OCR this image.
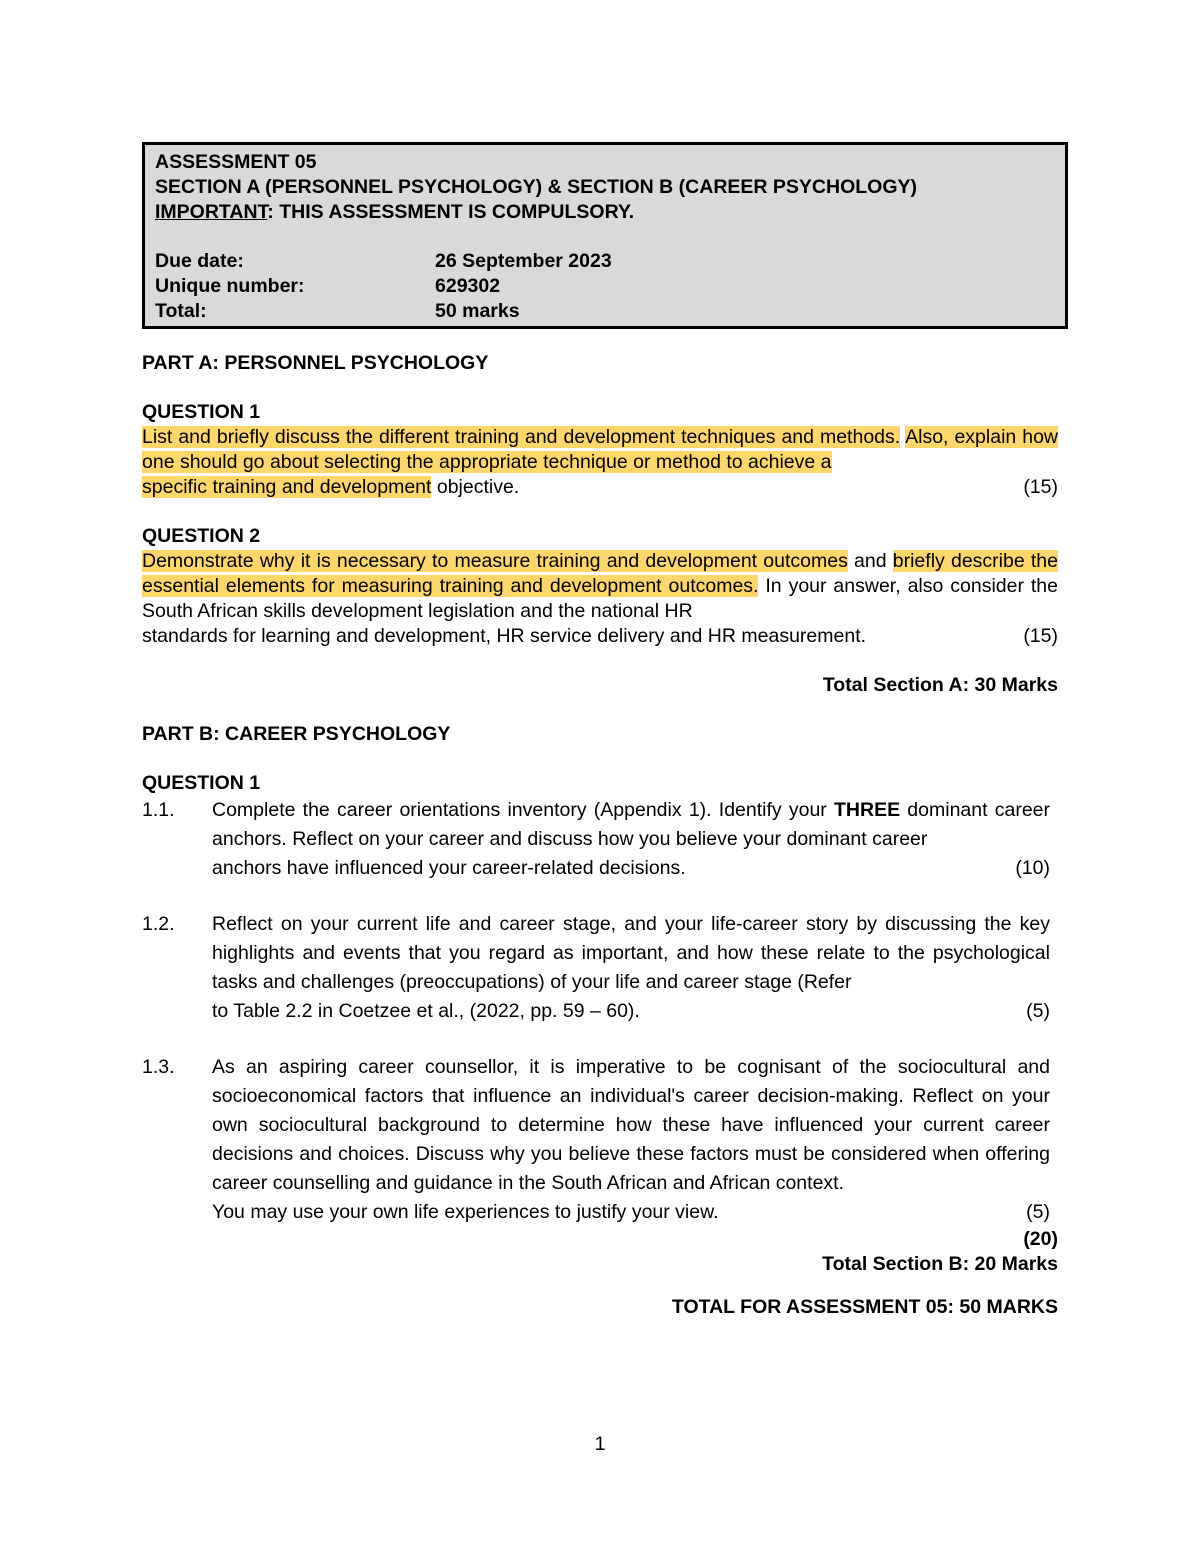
ASSESSMENT 05
SECTION A (PERSONNEL PSYCHOLOGY) & SECTION B (CAREER PSYCHOLOGY)
IMPORTANT: THIS ASSESSMENT IS COMPULSORY.
Due date:	26 September 2023
Unique number:	629302
Total:	50 marks
PART A: PERSONNEL PSYCHOLOGY
QUESTION 1
List and briefly discuss the different training and development techniques and methods. Also, explain how one should go about selecting the appropriate technique or method to achieve a
specific training and development objective.	(15)
QUESTION 2
Demonstrate why it is necessary to measure training and development outcomes and briefly describe the essential elements for measuring training and development outcomes. In your answer, also consider the South African skills development legislation and the national HR
standards for learning and development, HR service delivery and HR measurement.	(15)
Total Section A: 30 Marks
PART B: CAREER PSYCHOLOGY
QUESTION 1
1.1.	Complete the career orientations inventory (Appendix 1). Identify your THREE dominant career anchors. Reflect on your career and discuss how you believe your dominant career
anchors have influenced your career-related decisions.	(10)
1.2.	Reflect on your current life and career stage, and your life-career story by discussing the key highlights and events that you regard as important, and how these relate to the psychological tasks and challenges (preoccupations) of your life and career stage (Refer
to Table 2.2 in Coetzee et al., (2022, pp. 59 – 60).	(5)
1.3.	As an aspiring career counsellor, it is imperative to be cognisant of the sociocultural and socioeconomical factors that influence an individual's career decision-making. Reflect on your own sociocultural background to determine how these have influenced your current career decisions and choices. Discuss why you believe these factors must be considered when offering career counselling and guidance in the South African and African context.
You may use your own life experiences to justify your view.	(5)
(20)
Total Section B: 20 Marks
TOTAL FOR ASSESSMENT 05: 50 MARKS
1
